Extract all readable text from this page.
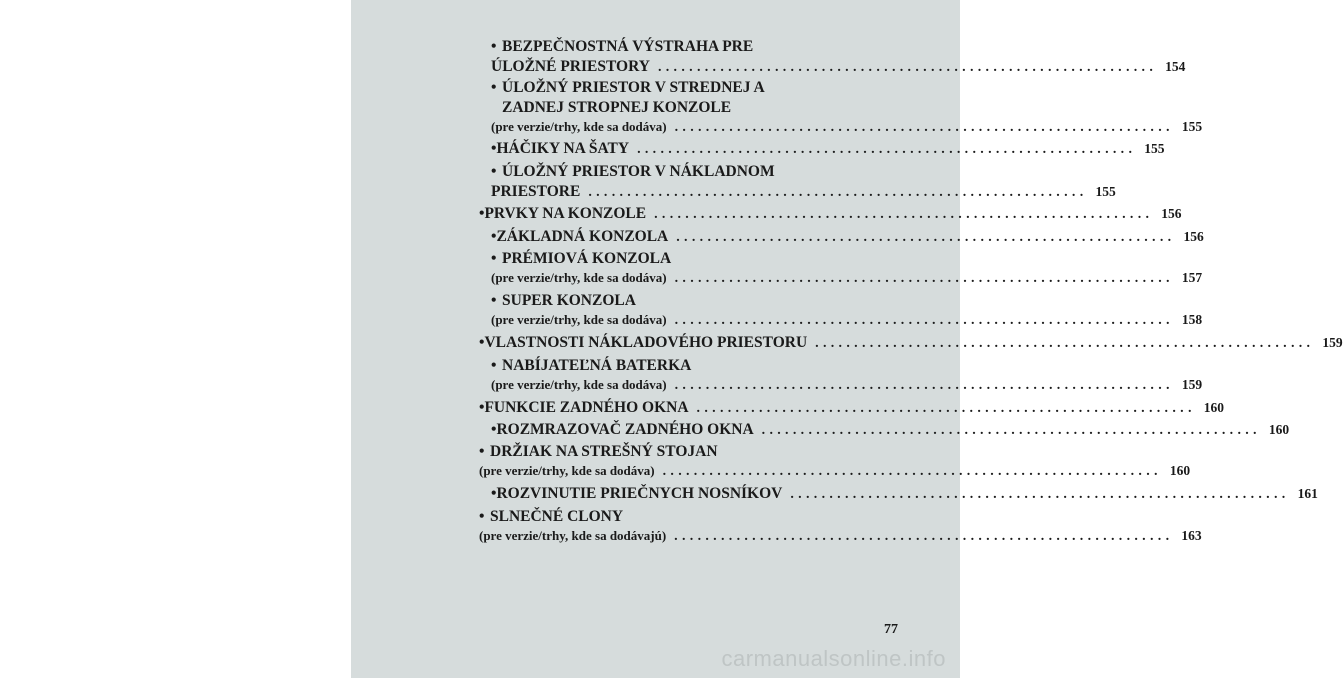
• BEZPEČNOSTNÁ VÝSTRAHA PRE
ÚLOŽNÉ PRIESTORY ................................................................ 154
• ÚLOŽNÝ PRIESTOR V STREDNEJ A
ZADNEJ STROPNEJ KONZOLE
(pre verzie/trhy, kde sa dodáva) ................................................................ 155
• HÁČIKY NA ŠATY ................................................................ 155
• ÚLOŽNÝ PRIESTOR V NÁKLADNOM
PRIESTORE ................................................................ 155
• PRVKY NA KONZOLE ................................................................ 156
• ZÁKLADNÁ KONZOLA ................................................................ 156
• PRÉMIOVÁ KONZOLA
(pre verzie/trhy, kde sa dodáva) ................................................................ 157
• SUPER KONZOLA
(pre verzie/trhy, kde sa dodáva) ................................................................ 158
• VLASTNOSTI NÁKLADOVÉHO PRIESTORU ................................................................ 159
• NABÍJATEĽNÁ BATERKA
(pre verzie/trhy, kde sa dodáva) ................................................................ 159
• FUNKCIE ZADNÉHO OKNA ................................................................ 160
• ROZMRAZOVAČ ZADNÉHO OKNA ................................................................ 160
• DRŽIAK NA STREŠNÝ STOJAN
(pre verzie/trhy, kde sa dodáva) ................................................................ 160
• ROZVINUTIE PRIEČNYCH NOSNÍKOV ................................................................ 161
• SLNEČNÉ CLONY
(pre verzie/trhy, kde sa dodávajú) ................................................................ 163
77
carmanualsonline.info
